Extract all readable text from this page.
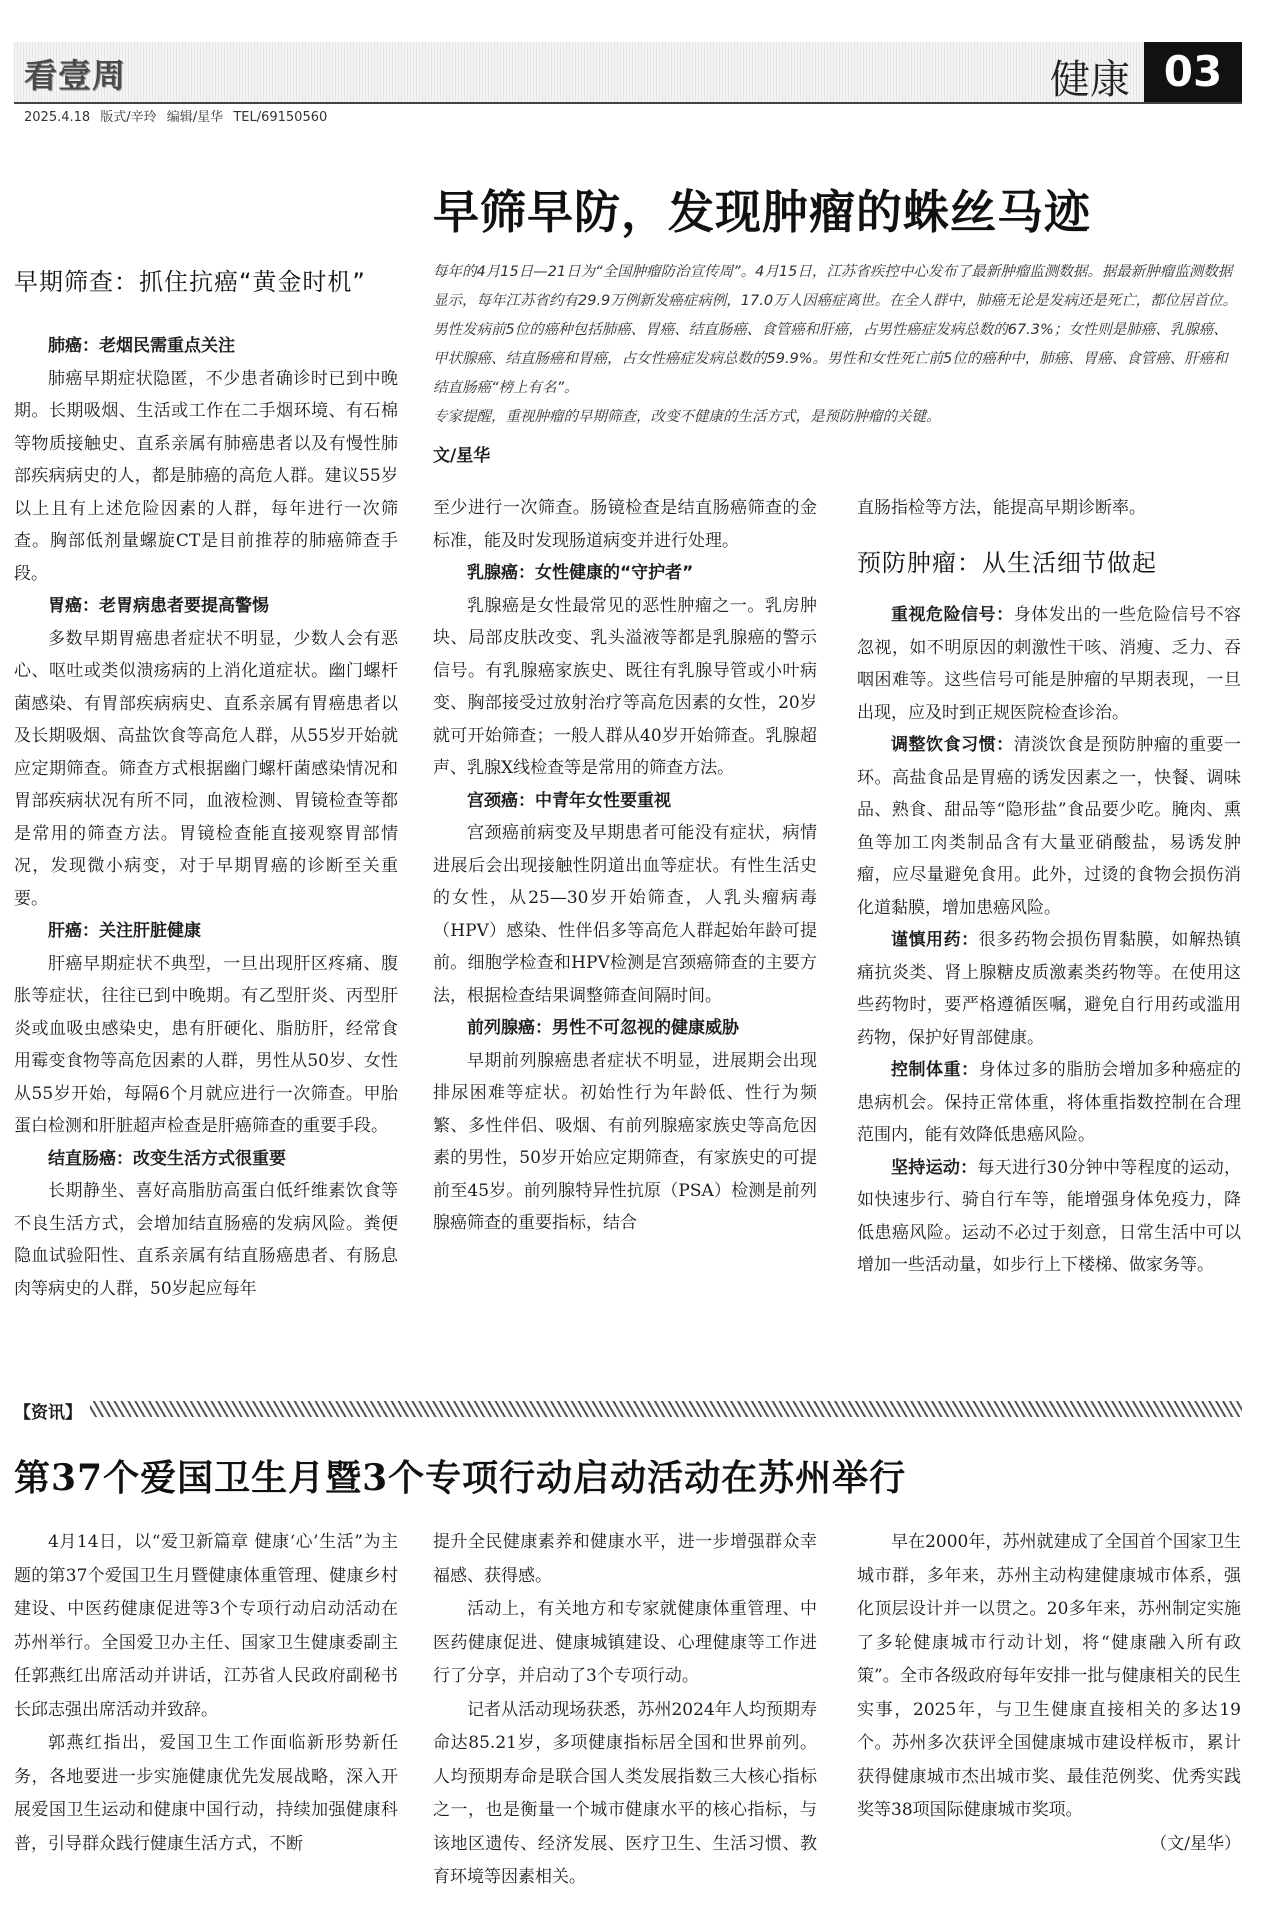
看壹周	健康 03
2025.4.18 版式/辛玲 编辑/星华 TEL/69150560
早筛早防，发现肿瘤的蛛丝马迹
早期筛查：抓住抗癌“黄金时机”	每年的4月15日—21日为“全国肿瘤防治宣传周”。4月15日，江苏省疾控中心发布了最新肿瘤监测数据。据最新肿瘤监测数据显示，每年江苏省约有29.9万例新发癌症病例，17.0万人因癌症离世。在全人群中，肺癌无论是发病还是死亡，都位居首位。男性发病前5位的癌种包括肺癌、胃癌、结直肠癌、食管癌和肝癌，占男性癌症发病总数的67.3%；女性则是肺癌、乳腺癌、甲状腺癌、结直肠癌和胃癌，占女性癌症发病总数的59.9%。男性和女性死亡前5位的癌种中，肺癌、胃癌、食管癌、肝癌和结直肠癌“榜上有名”。

专家提醒，重视肿瘤的早期筛查，改变不健康的生活方式，是预防肿瘤的关键。

文/星华
肺癌：老烟民需重点关注

肺癌早期症状隐匿，不少患者确诊时已到中晚期。长期吸烟、生活或工作在二手烟环境、有石棉等物质接触史、直系亲属有肺癌患者以及有慢性肺部疾病病史的人，都是肺癌的高危人群。建议55岁以上且有上述危险因素的人群，每年进行一次筛查。胸部低剂量螺旋CT是目前推荐的肺癌筛查手段。

胃癌：老胃病患者要提高警惕

多数早期胃癌患者症状不明显，少数人会有恶心、呕吐或类似溃疡病的上消化道症状。幽门螺杆菌感染、有胃部疾病病史、直系亲属有胃癌患者以及长期吸烟、高盐饮食等高危人群，从55岁开始就应定期筛查。筛查方式根据幽门螺杆菌感染情况和胃部疾病状况有所不同，血液检测、胃镜检查等都是常用的筛查方法。胃镜检查能直接观察胃部情况，发现微小病变，对于早期胃癌的诊断至关重要。

肝癌：关注肝脏健康

肝癌早期症状不典型，一旦出现肝区疼痛、腹胀等症状，往往已到中晚期。有乙型肝炎、丙型肝炎或血吸虫感染史，患有肝硬化、脂肪肝，经常食用霉变食物等高危因素的人群，男性从50岁、女性从55岁开始，每隔6个月就应进行一次筛查。甲胎蛋白检测和肝脏超声检查是肝癌筛查的重要手段。

结直肠癌：改变生活方式很重要

长期静坐、喜好高脂肪高蛋白低纤维素饮食等不良生活方式，会增加结直肠癌的发病风险。粪便隐血试验阳性、直系亲属有结直肠癌患者、有肠息肉等病史的人群，50岁起应每年

至少进行一次筛查。肠镜检查是结直肠癌筛查的金标准，能及时发现肠道病变并进行处理。

乳腺癌：女性健康的“守护者”

乳腺癌是女性最常见的恶性肿瘤之一。乳房肿块、局部皮肤改变、乳头溢液等都是乳腺癌的警示信号。有乳腺癌家族史、既往有乳腺导管或小叶病变、胸部接受过放射治疗等高危因素的女性，20岁就可开始筛查；一般人群从40岁开始筛查。乳腺超声、乳腺X线检查等是常用的筛查方法。

宫颈癌：中青年女性要重视

宫颈癌前病变及早期患者可能没有症状，病情进展后会出现接触性阴道出血等症状。有性生活史的女性，从25—30岁开始筛查，人乳头瘤病毒（HPV）感染、性伴侣多等高危人群起始年龄可提前。细胞学检查和HPV检测是宫颈癌筛查的主要方法，根据检查结果调整筛查间隔时间。

前列腺癌：男性不可忽视的健康威胁

早期前列腺癌患者症状不明显，进展期会出现排尿困难等症状。初始性行为年龄低、性行为频繁、多性伴侣、吸烟、有前列腺癌家族史等高危因素的男性，50岁开始应定期筛查，有家族史的可提前至45岁。前列腺特异性抗原（PSA）检测是前列腺癌筛查的重要指标，结合

直肠指检等方法，能提高早期诊断率。

预防肿瘤：从生活细节做起

重视危险信号：身体发出的一些危险信号不容忽视，如不明原因的刺激性干咳、消瘦、乏力、吞咽困难等。这些信号可能是肿瘤的早期表现，一旦出现，应及时到正规医院检查诊治。

调整饮食习惯：清淡饮食是预防肿瘤的重要一环。高盐食品是胃癌的诱发因素之一，快餐、调味品、熟食、甜品等“隐形盐”食品要少吃。腌肉、熏鱼等加工肉类制品含有大量亚硝酸盐，易诱发肿瘤，应尽量避免食用。此外，过烫的食物会损伤消化道黏膜，增加患癌风险。

谨慎用药：很多药物会损伤胃黏膜，如解热镇痛抗炎类、肾上腺糖皮质激素类药物等。在使用这些药物时，要严格遵循医嘱，避免自行用药或滥用药物，保护好胃部健康。

控制体重：身体过多的脂肪会增加多种癌症的患病机会。保持正常体重，将体重指数控制在合理范围内，能有效降低患癌风险。

坚持运动：每天进行30分钟中等程度的运动，如快速步行、骑自行车等，能增强身体免疫力，降低患癌风险。运动不必过于刻意，日常生活中可以增加一些活动量，如步行上下楼梯、做家务等。

【资讯】
第37个爱国卫生月暨3个专项行动启动活动在苏州举行

4月14日，以“爱卫新篇章 健康‘心’生活”为主题的第37个爱国卫生月暨健康体重管理、健康乡村建设、中医药健康促进等3个专项行动启动活动在苏州举行。全国爱卫办主任、国家卫生健康委副主任郭燕红出席活动并讲话，江苏省人民政府副秘书长邱志强出席活动并致辞。

郭燕红指出，爱国卫生工作面临新形势新任务，各地要进一步实施健康优先发展战略，深入开展爱国卫生运动和健康中国行动，持续加强健康科普，引导群众践行健康生活方式，不断

提升全民健康素养和健康水平，进一步增强群众幸福感、获得感。

活动上，有关地方和专家就健康体重管理、中医药健康促进、健康城镇建设、心理健康等工作进行了分享，并启动了3个专项行动。

记者从活动现场获悉，苏州2024年人均预期寿命达85.21岁，多项健康指标居全国和世界前列。人均预期寿命是联合国人类发展指数三大核心指标之一，也是衡量一个城市健康水平的核心指标，与该地区遗传、经济发展、医疗卫生、生活习惯、教育环境等因素相关。

早在2000年，苏州就建成了全国首个国家卫生城市群，多年来，苏州主动构建健康城市体系，强化顶层设计并一以贯之。20多年来，苏州制定实施了多轮健康城市行动计划，将“健康融入所有政策”。全市各级政府每年安排一批与健康相关的民生实事，2025年，与卫生健康直接相关的多达19个。苏州多次获评全国健康城市建设样板市，累计获得健康城市杰出城市奖、最佳范例奖、优秀实践奖等38项国际健康城市奖项。

（文/星华）
